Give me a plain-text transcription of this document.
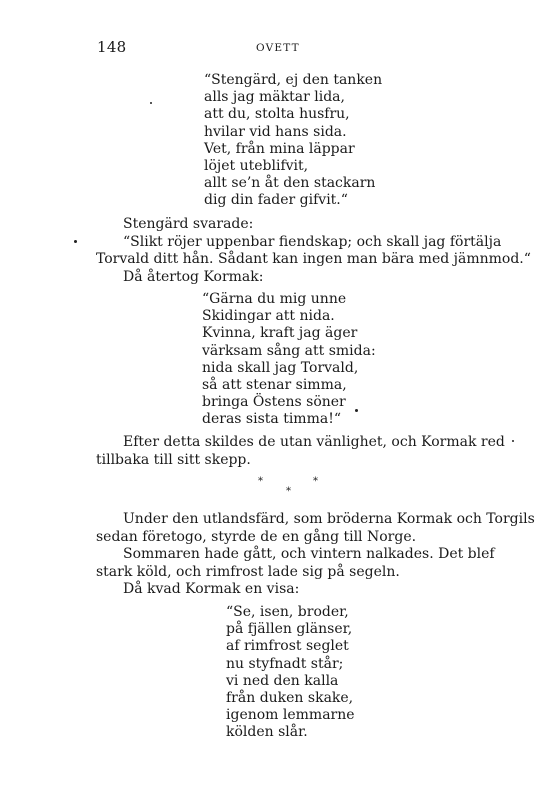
148	OVETT
“Stengärd, ej den tanken
alls jag mäktar lida,
att du, stolta husfru,
hvilar vid hans sida.
Vet, från mina läppar
löjet uteblifvit,
allt se’n åt den stackarn
dig din fader gifvit.“
Stengärd svarade:
“Slikt röjer uppenbar fiendskap; och skall jag förtälja
Torvald ditt hån. Sådant kan ingen man bära med jämnmod.“
Då återtog Kormak:
“Gärna du mig unne
Skidingar att nida.
Kvinna, kraft jag äger
värksam sång att smida:
nida skall jag Torvald,
så att stenar simma,
bringa Östens söner
deras sista timma!“
Efter detta skildes de utan vänlighet, och Kormak red
tillbaka till sitt skepp.
*	*
*
Under den utlandsfärd, som bröderna Kormak och Torgils
sedan företogo, styrde de en gång till Norge.
Sommaren hade gått, och vintern nalkades. Det blef
stark köld, och rimfrost lade sig på segeln.
Då kvad Kormak en visa:
“Se, isen, broder,
på fjällen glänser,
af rimfrost seglet
nu styfnadt står;
vi ned den kalla
från duken skake,
igenom lemmarne
kölden slår.
